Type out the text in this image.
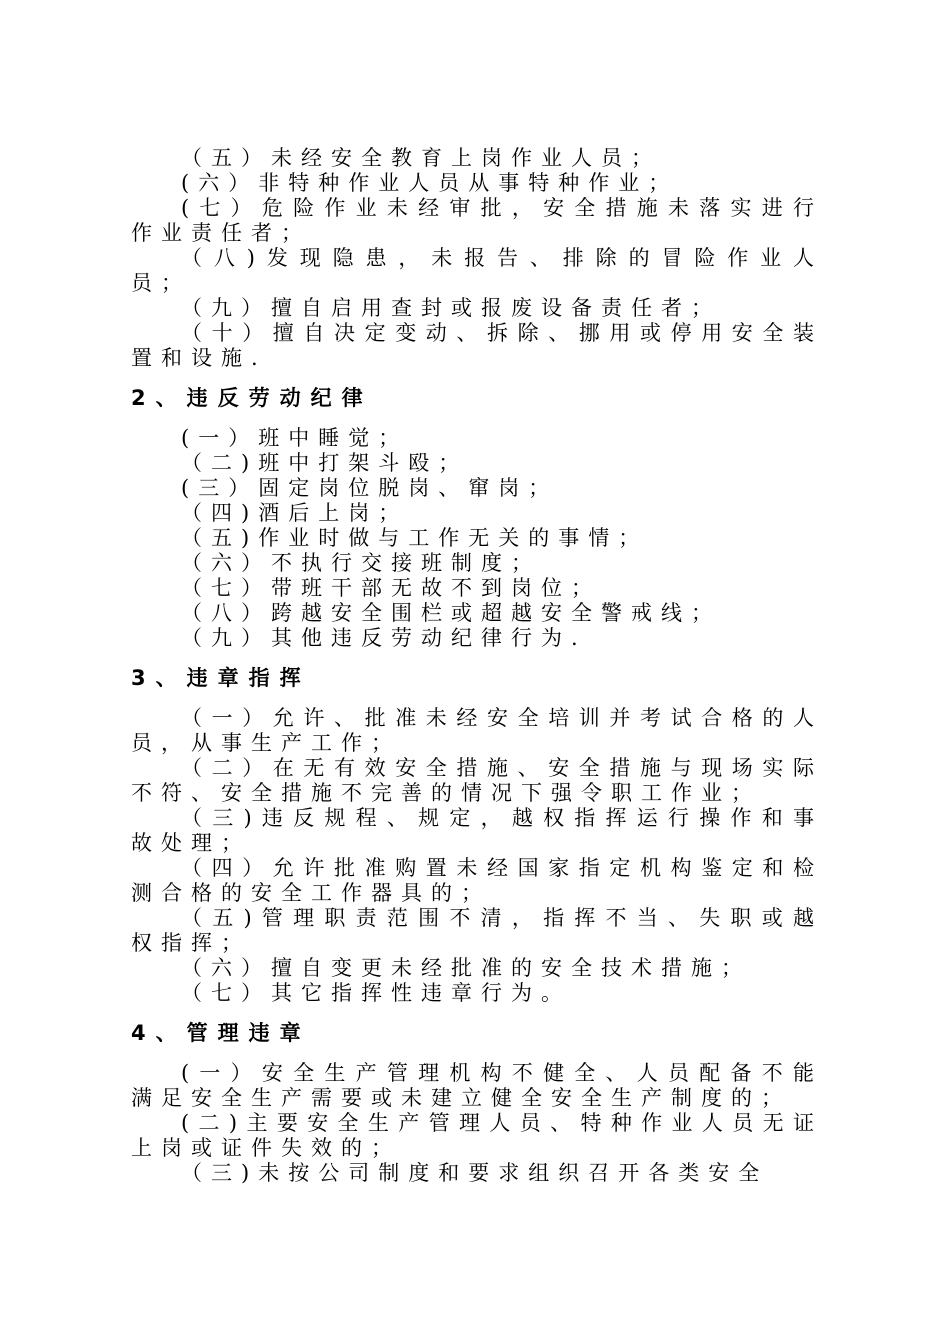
（五）未经安全教育上岗作业人员；

(六）非特种作业人员从事特种作业；

(七）危险作业未经审批，安全措施未落实进行作业责任者；

（八)发现隐患，未报告、排除的冒险作业人员；

（九）擅自启用查封或报废设备责任者；

（十）擅自决定变动、拆除、挪用或停用安全装置和设施.

2、违反劳动纪律

(一）班中睡觉；

（二)班中打架斗殴；

(三）固定岗位脱岗、窜岗；

（四)酒后上岗；

（五)作业时做与工作无关的事情；

（六）不执行交接班制度；

（七）带班干部无故不到岗位；

（八）跨越安全围栏或超越安全警戒线；

（九）其他违反劳动纪律行为.

3、违章指挥

（一）允许、批准未经安全培训并考试合格的人员，从事生产工作；

（二）在无有效安全措施、安全措施与现场实际不符、安全措施不完善的情况下强令职工作业；

（三)违反规程、规定，越权指挥运行操作和事故处理；

（四）允许批准购置未经国家指定机构鉴定和检测合格的安全工作器具的；

（五)管理职责范围不清，指挥不当、失职或越权指挥；

（六）擅自变更未经批准的安全技术措施；

（七）其它指挥性违章行为。

4、管理违章

(一）安全生产管理机构不健全、人员配备不能满足安全生产需要或未建立健全安全生产制度的；

(二)主要安全生产管理人员、特种作业人员无证上岗或证件失效的；

（三)未按公司制度和要求组织召开各类安全
